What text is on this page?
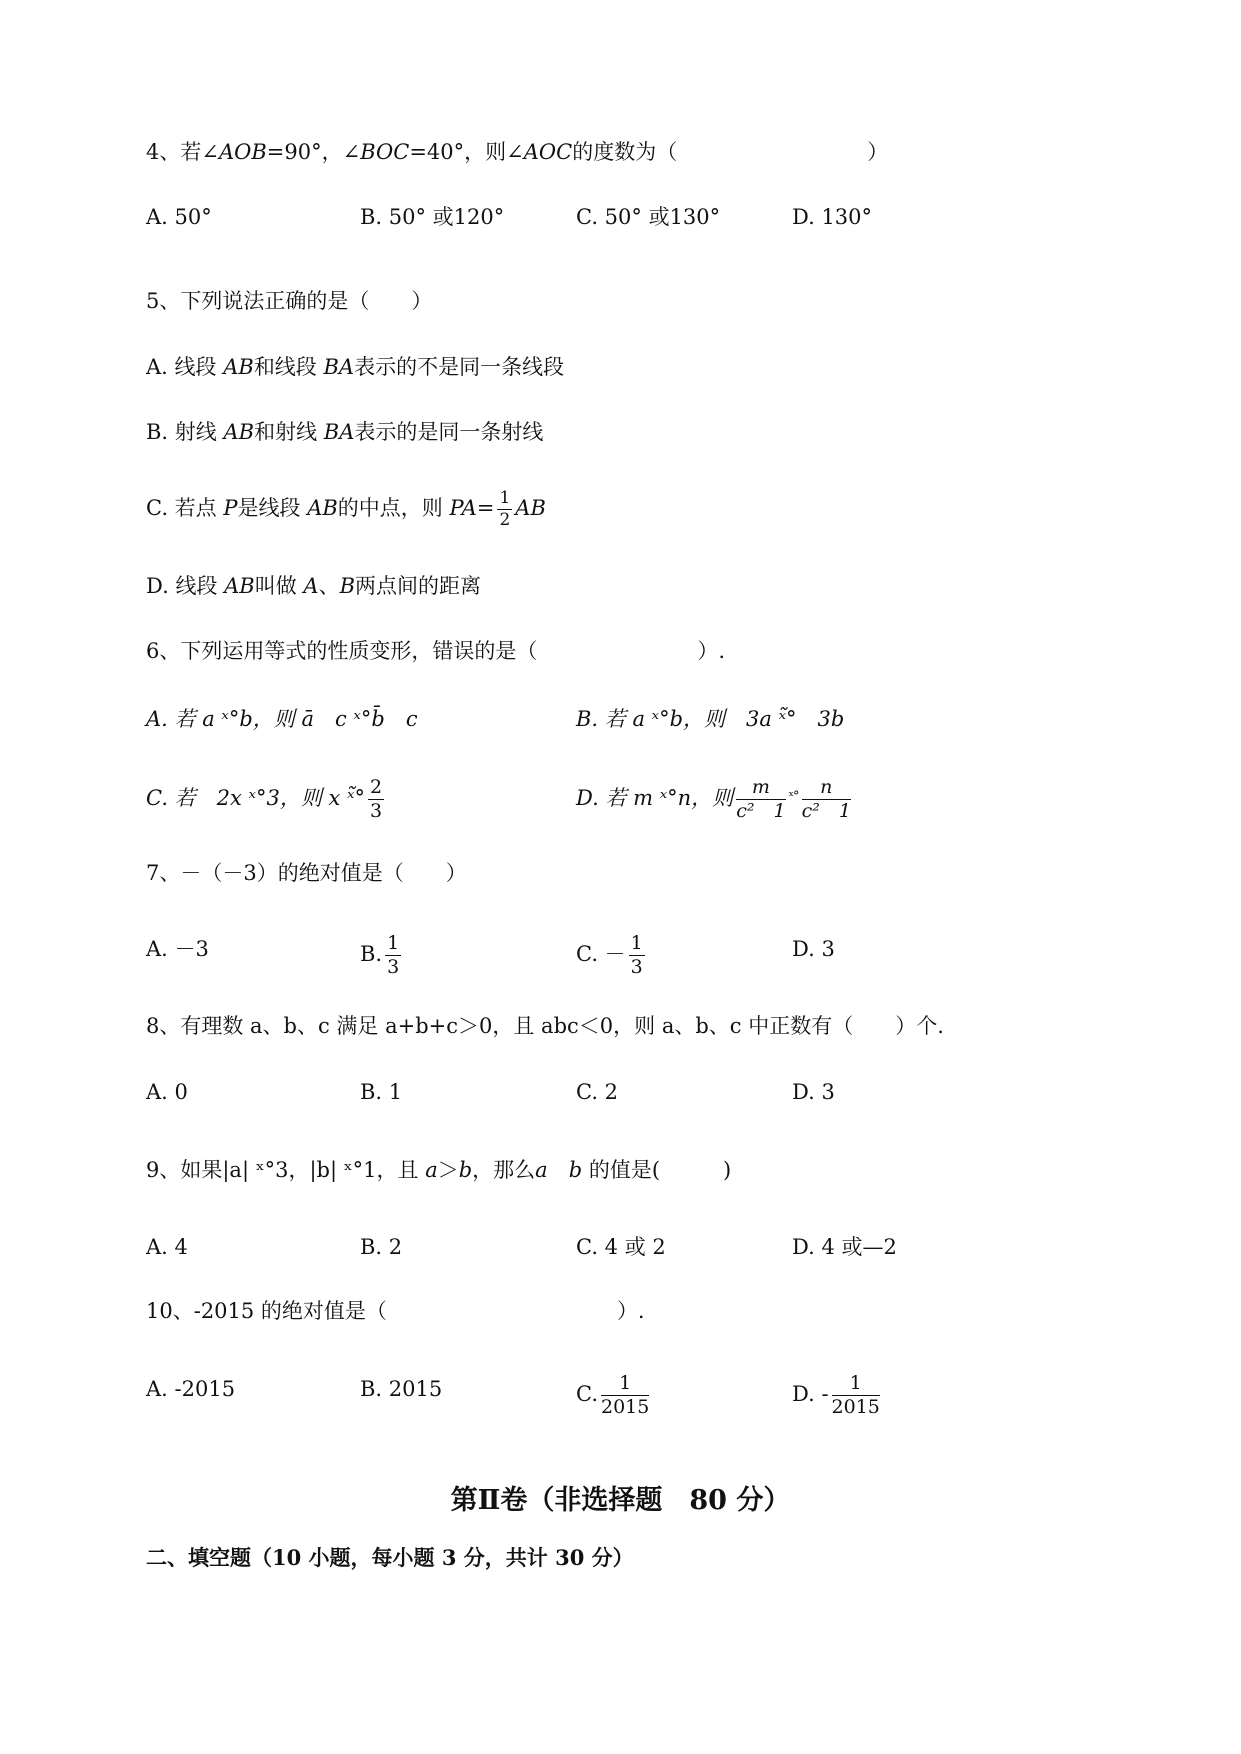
4、若∠AOB=90°，∠BOC=40°，则∠AOC的度数为（	）
A. 50°	B. 50° 或120°	C. 50° 或130°	D. 130°
5、下列说法正确的是（　　）
A. 线段 AB和线段 BA表示的不是同一条线段
B. 射线 AB和射线 BA表示的是同一条射线
C. 若点 P是线段 AB的中点，则 $PA= \frac{1}{2}$ AB
D. 线段 AB叫做 A、B两点间的距离
6、下列运用等式的性质变形，错误的是（	）.
A. 若 a ˣ°b，则 ā　c ˣ°b̄　c	B. 若 a ˣ°b，则　3a ˣ̃°　3b
C. 若　2x ˣ°3，则 x ˣ̃° $\frac{2}{3}$	D. 若 m ˣ°n，则 $\frac{m}{\text{c²　1}} ^{ˣ^\circ} \frac{n}{\text{c²　1}}$
7、－（－3）的绝对值是（　　）
A. －3	B. $\frac{1}{3}$	C. － $\frac{1}{3}$	D. 3
8、有理数 a、b、c 满足 a+b+c＞0，且 abc＜0，则 a、b、c 中正数有（　　）个.
A. 0	B. 1	C. 2	D. 3
9、如果|a| ˣ°3，|b| ˣ°1，且 a＞b，那么a　 b 的值是(　　　)
A. 4	B. 2	C. 4 或 2	D. 4 或—2
10、-2015 的绝对值是（	）.
A. -2015	B. 2015	C. $\frac{1}{2015}$	D. - $\frac{1}{2015}$
第Ⅱ卷（非选择题　80 分）
二、填空题（10 小题，每小题 3 分，共计 30 分）
